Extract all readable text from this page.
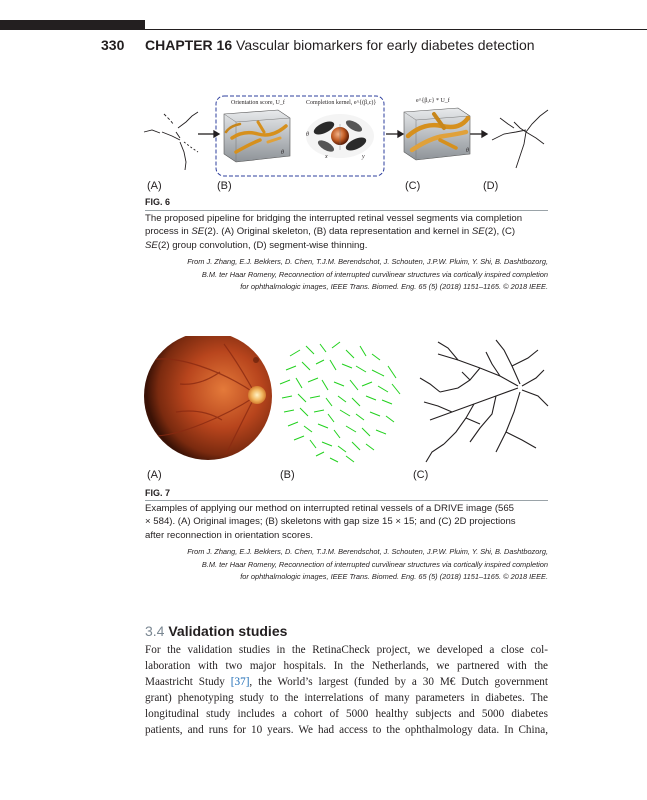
330 CHAPTER 16 Vascular biomarkers for early diabetes detection
Orientation score, U_f	Completion kernel, e^{(β,c)}
θ
θ
x	y
e^{β,c} * U_f
θ
(A)	(B)	(C)	(D)
FIG. 6
The proposed pipeline for bridging the interrupted retinal vessel segments via completion process in SE(2). (A) Original skeleton, (B) data representation and kernel in SE(2), (C)
SE(2) group convolution, (D) segment-wise thinning.
From J. Zhang, E.J. Bekkers, D. Chen, T.J.M. Berendschot, J. Schouten, J.P.W. Pluim, Y. Shi, B. Dashtbozorg,
B.M. ter Haar Romeny, Reconnection of interrupted curvilinear structures via cortically inspired completion
for ophthalmologic images, IEEE Trans. Biomed. Eng. 65 (5) (2018) 1151–1165. © 2018 IEEE.
(A)	(B)	(C)
FIG. 7
Examples of applying our method on interrupted retinal vessels of a DRIVE image (565
× 584). (A) Original images; (B) skeletons with gap size 15 × 15; and (C) 2D projections
after reconnection in orientation scores.
From J. Zhang, E.J. Bekkers, D. Chen, T.J.M. Berendschot, J. Schouten, J.P.W. Pluim, Y. Shi, B. Dashtbozorg,
B.M. ter Haar Romeny, Reconnection of interrupted curvilinear structures via cortically inspired completion
for ophthalmologic images, IEEE Trans. Biomed. Eng. 65 (5) (2018) 1151–1165. © 2018 IEEE.
3.4 Validation studies
For the validation studies in the RetinaCheck project, we developed a close col-
laboration with two major hospitals. In the Netherlands, we partnered with the
Maastricht Study [37], the World’s largest (funded by a 30 M€ Dutch government
grant) phenotyping study to the interrelations of many parameters in diabetes. The
longitudinal study includes a cohort of 5000 healthy subjects and 5000 diabetes
patients, and runs for 10 years. We had access to the ophthalmology data. In China,
